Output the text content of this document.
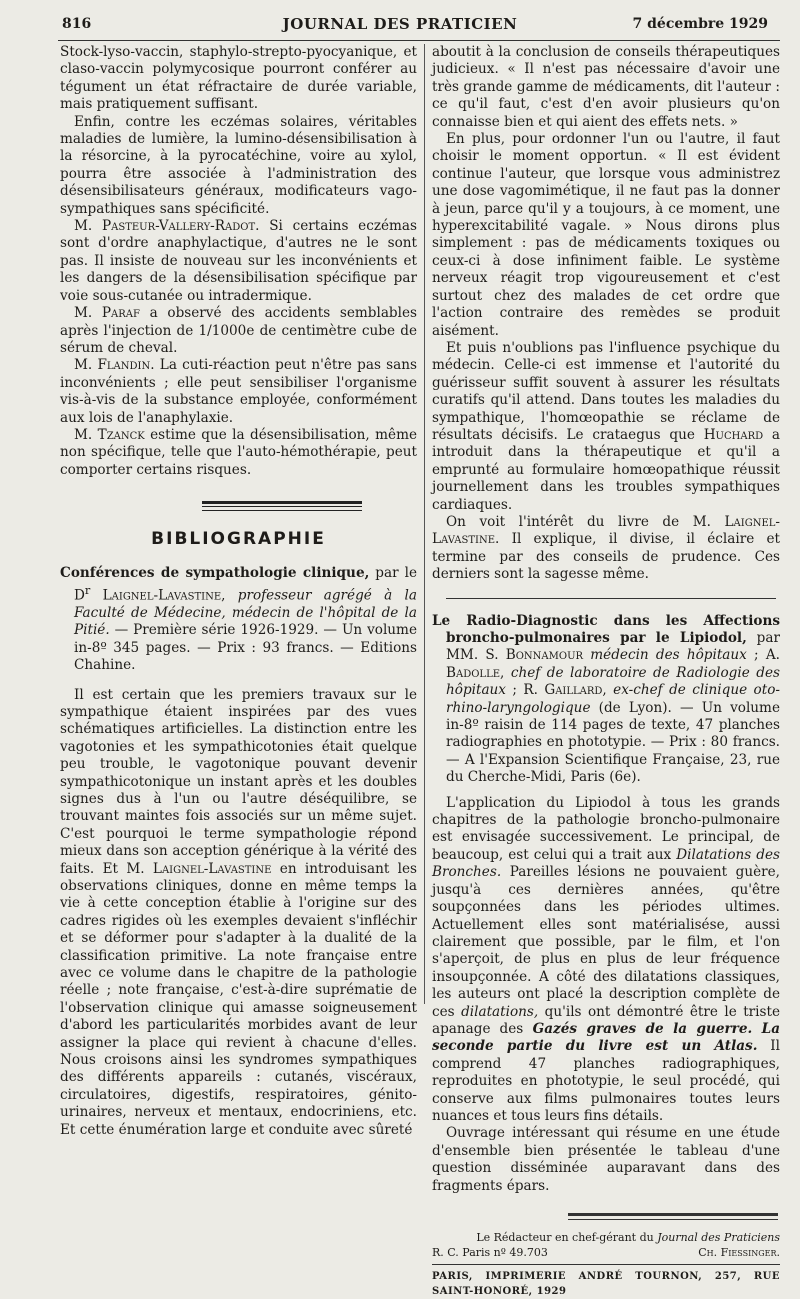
816	JOURNAL DES PRATICIEN	7 décembre 1929

Stock-lyso-vaccin, staphylo-strepto-pyocyanique, et claso-vaccin polymycosique pourront conférer au tégument un état réfractaire de durée variable, mais pratiquement suffisant.

Enfin, contre les eczémas solaires, véritables maladies de lumière, la lumino-désensibilisation à la résorcine, à la pyrocatéchine, voire au xylol, pourra être associée à l'administration des désensibilisateurs généraux, modificateurs vago-sympathiques sans spécificité.

M. Pasteur-Vallery-Radot. Si certains eczémas sont d'ordre anaphylactique, d'autres ne le sont pas. Il insiste de nouveau sur les inconvénients et les dangers de la désensibilisation spécifique par voie sous-cutanée ou intradermique.

M. Paraf a observé des accidents semblables après l'injection de 1/1000e de centimètre cube de sérum de cheval.

M. Flandin. La cuti-réaction peut n'être pas sans inconvénients ; elle peut sensibiliser l'organisme vis-à-vis de la substance employée, conformément aux lois de l'anaphylaxie.

M. Tzanck estime que la désensibilisation, même non spécifique, telle que l'auto-hémothérapie, peut comporter certains risques.

BIBLIOGRAPHIE

Conférences de sympathologie clinique, par le $D^r$ Laignel-Lavastine, professeur agrégé à la Faculté de Médecine, médecin de l'hôpital de la Pitié. — Première série 1926-1929. — Un volume in-8º 345 pages. — Prix : 93 francs. — Editions Chahine.

Il est certain que les premiers travaux sur le sympathique étaient inspirées par des vues schématiques artificielles. La distinction entre les vagotonies et les sympathicotonies était quelque peu trouble, le vagotonique pouvant devenir sympathicotonique un instant après et les doubles signes dus à l'un ou l'autre déséquilibre, se trouvant maintes fois associés sur un même sujet. C'est pourquoi le terme sympathologie répond mieux dans son acception générique à la vérité des faits. Et M. Laignel-Lavastine en introduisant les observations cliniques, donne en même temps la vie à cette conception établie à l'origine sur des cadres rigides où les exemples devaient s'infléchir et se déformer pour s'adapter à la dualité de la classification primitive. La note française entre avec ce volume dans le chapitre de la pathologie réelle ; note française, c'est-à-dire suprématie de l'observation clinique qui amasse soigneusement d'abord les particularités morbides avant de leur assigner la place qui revient à chacune d'elles. Nous croisons ainsi les syndromes sympathiques des différents appareils : cutanés, viscéraux, circulatoires, digestifs, respiratoires, génito-urinaires, nerveux et mentaux, endocriniens, etc. Et cette énumération large et conduite avec sûreté

aboutit à la conclusion de conseils thérapeutiques judicieux. « Il n'est pas nécessaire d'avoir une très grande gamme de médicaments, dit l'auteur : ce qu'il faut, c'est d'en avoir plusieurs qu'on connaisse bien et qui aient des effets nets. »

En plus, pour ordonner l'un ou l'autre, il faut choisir le moment opportun. « Il est évident continue l'auteur, que lorsque vous administrez une dose vagomimétique, il ne faut pas la donner à jeun, parce qu'il y a toujours, à ce moment, une hyperexcitabilité vagale. » Nous dirons plus simplement : pas de médicaments toxiques ou ceux-ci à dose infiniment faible. Le système nerveux réagit trop vigoureusement et c'est surtout chez des malades de cet ordre que l'action contraire des remèdes se produit aisément.

Et puis n'oublions pas l'influence psychique du médecin. Celle-ci est immense et l'autorité du guérisseur suffit souvent à assurer les résultats curatifs qu'il attend. Dans toutes les maladies du sympathique, l'homœopathie se réclame de résultats décisifs. Le crataegus que Huchard a introduit dans la thérapeutique et qu'il a emprunté au formulaire homœopathique réussit journellement dans les troubles sympathiques cardiaques.

On voit l'intérêt du livre de M. Laignel-Lavastine. Il explique, il divise, il éclaire et termine par des conseils de prudence. Ces derniers sont la sagesse même.

Le Radio-Diagnostic dans les Affections broncho-pulmonaires par le Lipiodol, par MM. S. Bonnamour médecin des hôpitaux ; A. Badolle, chef de laboratoire de Radiologie des hôpitaux ; R. Gaillard, ex-chef de clinique oto-rhino-laryngologique (de Lyon). — Un volume in-8º raisin de 114 pages de texte, 47 planches radiographies en phototypie. — Prix : 80 francs. — A l'Expansion Scientifique Française, 23, rue du Cherche-Midi, Paris (6e).

L'application du Lipiodol à tous les grands chapitres de la pathologie broncho-pulmonaire est envisagée successivement. Le principal, de beaucoup, est celui qui a trait aux Dilatations des Bronches. Pareilles lésions ne pouvaient guère, jusqu'à ces dernières années, qu'être soupçonnées dans les périodes ultimes. Actuellement elles sont matérialisése, aussi clairement que possible, par le film, et l'on s'aperçoit, de plus en plus de leur fréquence insoupçonnée. A côté des dilatations classiques, les auteurs ont placé la description complète de ces dilatations, qu'ils ont démontré être le triste apanage des Gazés graves de la guerre. La seconde partie du livre est un Atlas. Il comprend 47 planches radiographiques, reproduites en phototypie, le seul procédé, qui conserve aux films pulmonaires toutes leurs nuances et tous leurs fins détails.

Ouvrage intéressant qui résume en une étude d'ensemble bien présentée le tableau d'une question disséminée auparavant dans des fragments épars.

Le Rédacteur en chef-gérant du Journal des Praticiens
R. C. Paris nº 49.703	Ch. Fiessinger.
PARIS, IMPRIMERIE ANDRÉ TOURNON, 257, RUE SAINT-HONORÉ, 1929
